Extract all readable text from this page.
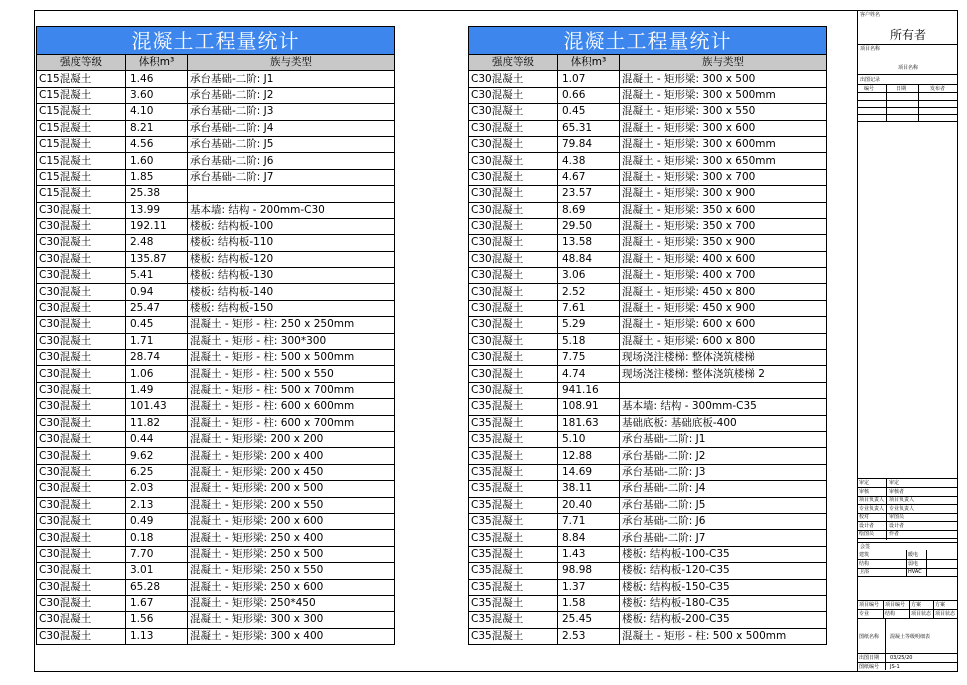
混凝土工程量统计		
强度等级	体积m³	族与类型
C15混凝土	1.46	承台基础-二阶: J1
C15混凝土	3.60	承台基础-二阶: J2
C15混凝土	4.10	承台基础-二阶: J3
C15混凝土	8.21	承台基础-二阶: J4
C15混凝土	4.56	承台基础-二阶: J5
C15混凝土	1.60	承台基础-二阶: J6
C15混凝土	1.85	承台基础-二阶: J7
C15混凝土	25.38	
C30混凝土	13.99	基本墙: 结构 - 200mm-C30
C30混凝土	192.11	楼板: 结构板-100
C30混凝土	2.48	楼板: 结构板-110
C30混凝土	135.87	楼板: 结构板-120
C30混凝土	5.41	楼板: 结构板-130
C30混凝土	0.94	楼板: 结构板-140
C30混凝土	25.47	楼板: 结构板-150
C30混凝土	0.45	混凝土 - 矩形 - 柱: 250 x 250mm
C30混凝土	1.71	混凝土 - 矩形 - 柱: 300*300
C30混凝土	28.74	混凝土 - 矩形 - 柱: 500 x 500mm
C30混凝土	1.06	混凝土 - 矩形 - 柱: 500 x 550
C30混凝土	1.49	混凝土 - 矩形 - 柱: 500 x 700mm
C30混凝土	101.43	混凝土 - 矩形 - 柱: 600 x 600mm
C30混凝土	11.82	混凝土 - 矩形 - 柱: 600 x 700mm
C30混凝土	0.44	混凝土 - 矩形梁: 200 x 200
C30混凝土	9.62	混凝土 - 矩形梁: 200 x 400
C30混凝土	6.25	混凝土 - 矩形梁: 200 x 450
C30混凝土	2.03	混凝土 - 矩形梁: 200 x 500
C30混凝土	2.13	混凝土 - 矩形梁: 200 x 550
C30混凝土	0.49	混凝土 - 矩形梁: 200 x 600
C30混凝土	0.18	混凝土 - 矩形梁: 250 x 400
C30混凝土	7.70	混凝土 - 矩形梁: 250 x 500
C30混凝土	3.01	混凝土 - 矩形梁: 250 x 550
C30混凝土	65.28	混凝土 - 矩形梁: 250 x 600
C30混凝土	1.67	混凝土 - 矩形梁: 250*450
C30混凝土	1.56	混凝土 - 矩形梁: 300 x 300
C30混凝土	1.13	混凝土 - 矩形梁: 300 x 400
混凝土工程量统计		
强度等级	体积m³	族与类型
C30混凝土	1.07	混凝土 - 矩形梁: 300 x 500
C30混凝土	0.66	混凝土 - 矩形梁: 300 x 500mm
C30混凝土	0.45	混凝土 - 矩形梁: 300 x 550
C30混凝土	65.31	混凝土 - 矩形梁: 300 x 600
C30混凝土	79.84	混凝土 - 矩形梁: 300 x 600mm
C30混凝土	4.38	混凝土 - 矩形梁: 300 x 650mm
C30混凝土	4.67	混凝土 - 矩形梁: 300 x 700
C30混凝土	23.57	混凝土 - 矩形梁: 300 x 900
C30混凝土	8.69	混凝土 - 矩形梁: 350 x 600
C30混凝土	29.50	混凝土 - 矩形梁: 350 x 700
C30混凝土	13.58	混凝土 - 矩形梁: 350 x 900
C30混凝土	48.84	混凝土 - 矩形梁: 400 x 600
C30混凝土	3.06	混凝土 - 矩形梁: 400 x 700
C30混凝土	2.52	混凝土 - 矩形梁: 450 x 800
C30混凝土	7.61	混凝土 - 矩形梁: 450 x 900
C30混凝土	5.29	混凝土 - 矩形梁: 600 x 600
C30混凝土	5.18	混凝土 - 矩形梁: 600 x 800
C30混凝土	7.75	现场浇注楼梯: 整体浇筑楼梯
C30混凝土	4.74	现场浇注楼梯: 整体浇筑楼梯 2
C30混凝土	941.16	
C35混凝土	108.91	基本墙: 结构 - 300mm-C35
C35混凝土	181.63	基础底板: 基础底板-400
C35混凝土	5.10	承台基础-二阶: J1
C35混凝土	12.88	承台基础-二阶: J2
C35混凝土	14.69	承台基础-二阶: J3
C35混凝土	38.11	承台基础-二阶: J4
C35混凝土	20.40	承台基础-二阶: J5
C35混凝土	7.71	承台基础-二阶: J6
C35混凝土	8.84	承台基础-二阶: J7
C35混凝土	1.43	楼板: 结构板-100-C35
C35混凝土	98.98	楼板: 结构板-120-C35
C35混凝土	1.37	楼板: 结构板-150-C35
C35混凝土	1.58	楼板: 结构板-180-C35
C35混凝土	25.45	楼板: 结构板-200-C35
C35混凝土	2.53	混凝土 - 矩形 - 柱: 500 x 500mm
客户姓名
所有者
项目名称
项目名称
出图记录
编号	日期	发布者
审定	审定
审核	审核者
项目负责人 项目负责人
专业负责人 专业负责人
校对	审图员
设计者	设计者
绘图员	作者
会签
建筑	暖电
结构	弱电
卫浴	HVAC
项目编号 项目编号 方案	方案
专业	结构	项目状态 项目状态
图纸名称 混凝土等级明细表
出图日期 03/25/20
图纸编号 JS-1
